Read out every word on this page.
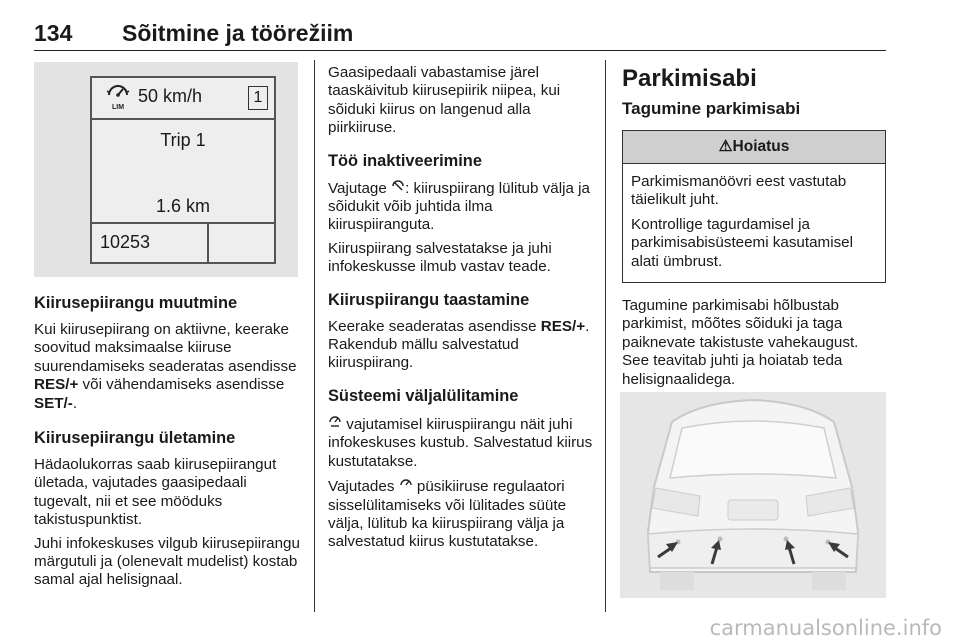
134 Sõitmine ja töörežiim
LIM
50 km/h	1
Trip 1
1.6 km
10253
Kiirusepiirangu muutmine

Kui kiirusepiirang on aktiivne, keerake soovitud maksimaalse kiiruse suurendamiseks seaderatas asendisse RES/+ või vähendamiseks asendisse SET/-.

Kiirusepiirangu ületamine

Hädaolukorras saab kiirusepiirangut ületada, vajutades gaasipedaali tugevalt, nii et see mööduks takistuspunktist.

Juhi infokeskuses vilgub kiirusepiirangu märgutuli ja (olenevalt mudelist) kostab samal ajal helisignaal.

Gaasipedaali vabastamise järel taaskäivitub kiirusepiirik niipea, kui sõiduki kiirus on langenud alla piirkiiruse.

Töö inaktiveerimine

Vajutage : kiiruspiirang lülitub välja ja sõidukit võib juhtida ilma kiiruspiiranguta.

Kiiruspiirang salvestatakse ja juhi infokeskusse ilmub vastav teade.

Kiiruspiirangu taastamine

Keerake seaderatas asendisse RES/+. Rakendub mällu salvestatud kiiruspiirang.

Süsteemi väljalülitamine

vajutamisel kiiruspiirangu näit juhi infokeskuses kustub. Salvestatud kiirus kustutatakse.

Vajutades  püsikiiruse regulaatori sisselülitamiseks või lülitades süüte välja, lülitub ka kiiruspiirang välja ja salvestatud kiirus kustutatakse.

Parkimisabi
Tagumine parkimisabi
⚠Hoiatus

Parkimismanöövri eest vastutab täielikult juht.

Kontrollige tagurdamisel ja parkimisabisüsteemi kasutamisel alati ümbrust.

Tagumine parkimisabi hõlbustab parkimist, mõõtes sõiduki ja taga paiknevate takistuste vahekaugust. See teavitab juhti ja hoiatab teda helisignaalidega.

carmanualsonline.info
